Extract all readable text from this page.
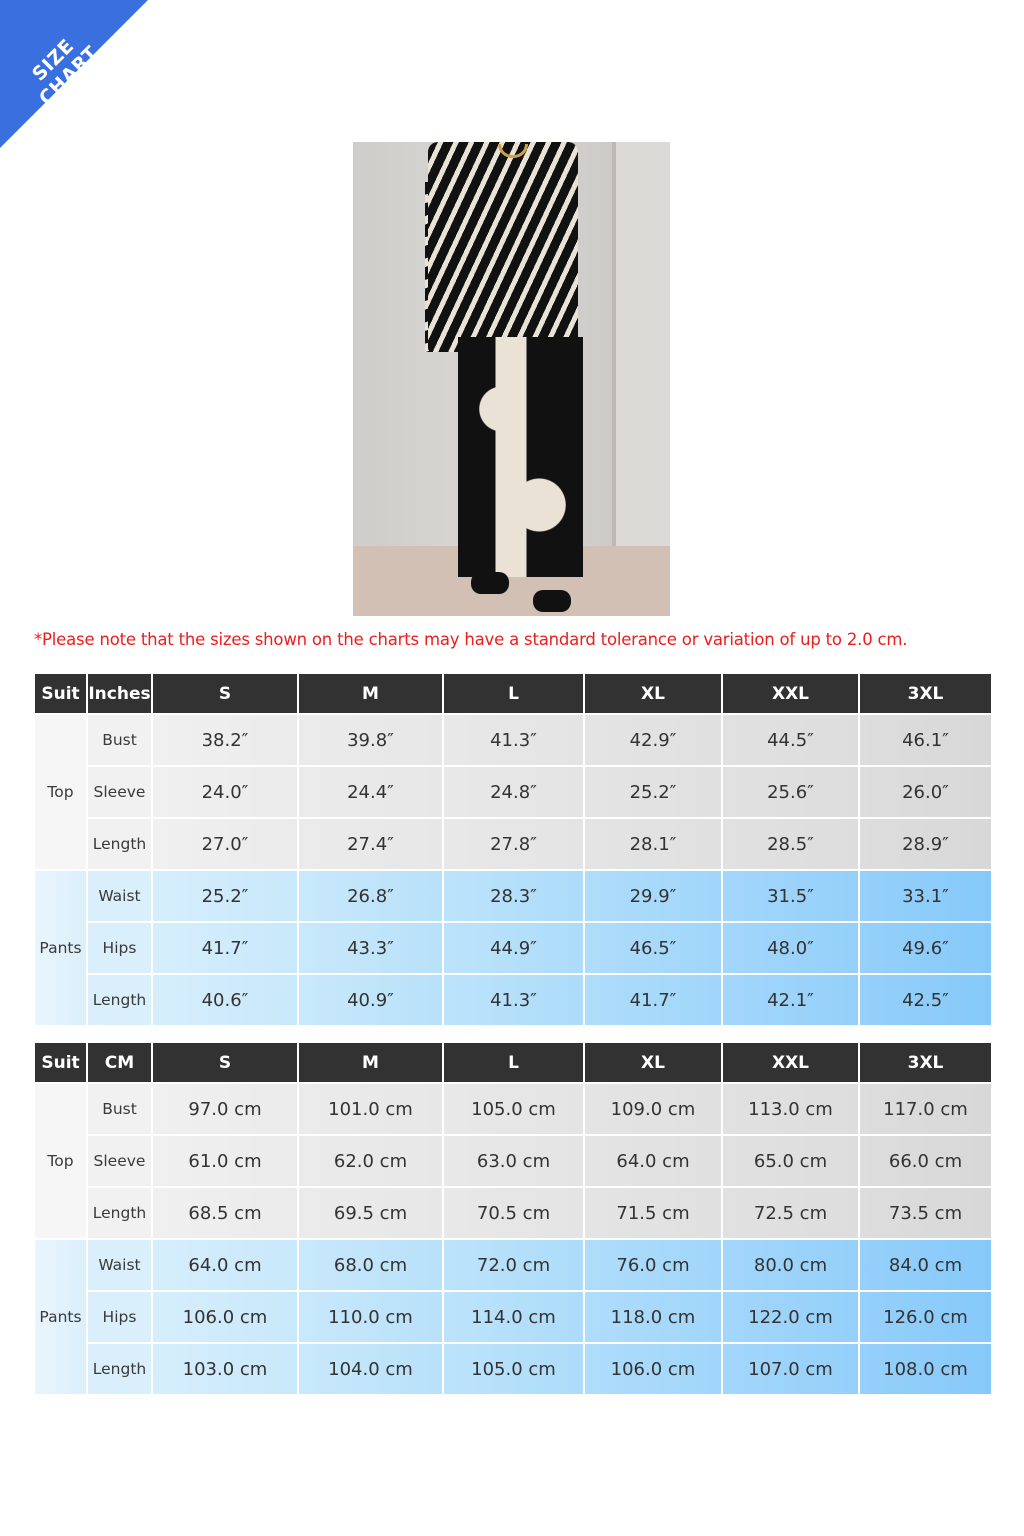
SIZE CHART
*Please note that the sizes shown on the charts may have a standard tolerance or variation of up to 2.0 cm.
Suit	Inches	S	M	L	XL	XXL	3XL
Top	Bust	38.2″	39.8″	41.3″	42.9″	44.5″	46.1″
	Sleeve	24.0″	24.4″	24.8″	25.2″	25.6″	26.0″
	Length	27.0″	27.4″	27.8″	28.1″	28.5″	28.9″
Pants	Waist	25.2″	26.8″	28.3″	29.9″	31.5″	33.1″
	Hips	41.7″	43.3″	44.9″	46.5″	48.0″	49.6″
	Length	40.6″	40.9″	41.3″	41.7″	42.1″	42.5″
Suit	CM	S	M	L	XL	XXL	3XL
Top	Bust	97.0 cm	101.0 cm	105.0 cm	109.0 cm	113.0 cm	117.0 cm
	Sleeve	61.0 cm	62.0 cm	63.0 cm	64.0 cm	65.0 cm	66.0 cm
	Length	68.5 cm	69.5 cm	70.5 cm	71.5 cm	72.5 cm	73.5 cm
Pants	Waist	64.0 cm	68.0 cm	72.0 cm	76.0 cm	80.0 cm	84.0 cm
	Hips	106.0 cm	110.0 cm	114.0 cm	118.0 cm	122.0 cm	126.0 cm
	Length	103.0 cm	104.0 cm	105.0 cm	106.0 cm	107.0 cm	108.0 cm
